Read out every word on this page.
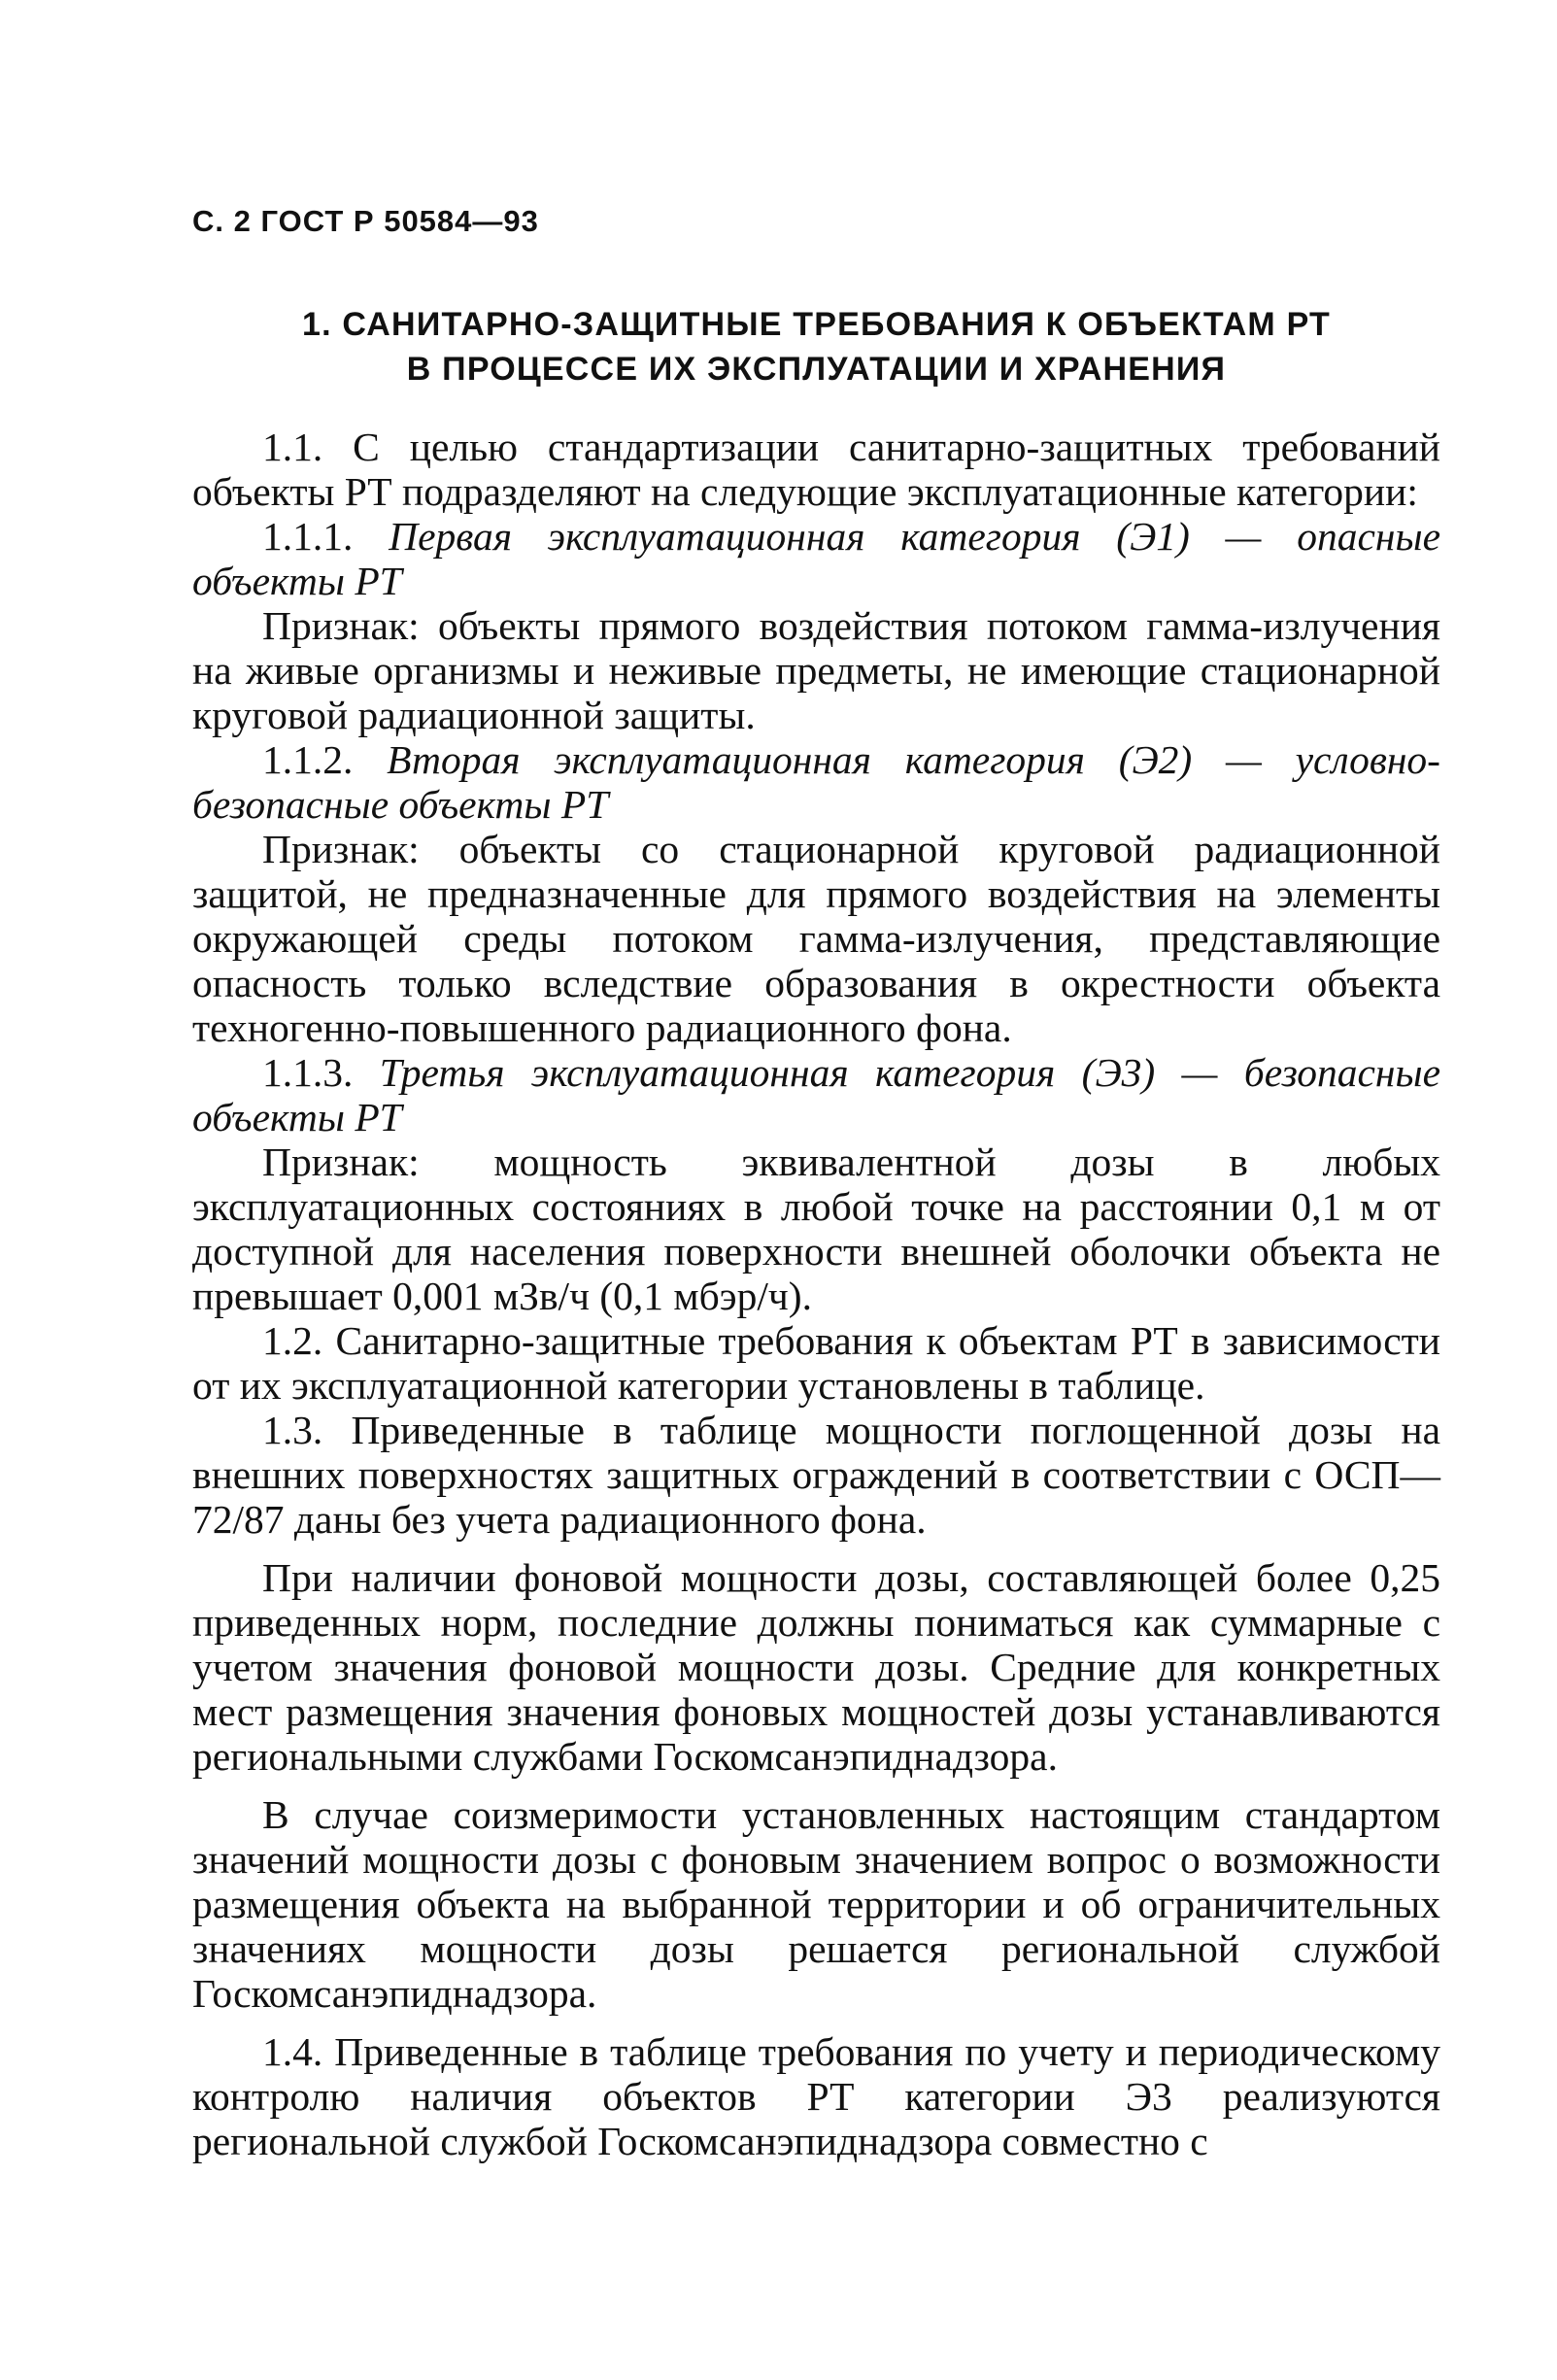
С. 2 ГОСТ Р 50584—93
1. САНИТАРНО-ЗАЩИТНЫЕ ТРЕБОВАНИЯ К ОБЪЕКТАМ РТ
В ПРОЦЕССЕ ИХ ЭКСПЛУАТАЦИИ И ХРАНЕНИЯ

1.1. С целью стандартизации санитарно-защитных требований объекты РТ подразделяют на следующие эксплуатационные категории:

1.1.1. Первая эксплуатационная категория (Э1) — опасные объекты РТ

Признак: объекты прямого воздействия потоком гамма-излучения на живые организмы и неживые предметы, не имеющие стационарной круговой радиационной защиты.

1.1.2. Вторая эксплуатационная категория (Э2) — условно-безопасные объекты РТ

Признак: объекты со стационарной круговой радиационной защитой, не предназначенные для прямого воздействия на элементы окружающей среды потоком гамма-излучения, представляющие опасность только вследствие образования в окрестности объекта техногенно-повышенного радиационного фона.

1.1.3. Третья эксплуатационная категория (Э3) — безопасные объекты РТ

Признак: мощность эквивалентной дозы в любых эксплуатационных состояниях в любой точке на расстоянии 0,1 м от доступной для населения поверхности внешней оболочки объекта не превышает 0,001 мЗв/ч (0,1 мбэр/ч).

1.2. Санитарно-защитные требования к объектам РТ в зависимости от их эксплуатационной категории установлены в таблице.

1.3. Приведенные в таблице мощности поглощенной дозы на внешних поверхностях защитных ограждений в соответствии с ОСП—72/87 даны без учета радиационного фона.

При наличии фоновой мощности дозы, составляющей более 0,25 приведенных норм, последние должны пониматься как суммарные с учетом значения фоновой мощности дозы. Средние для конкретных мест размещения значения фоновых мощностей дозы устанавливаются региональными службами Госкомсанэпиднадзора.

В случае соизмеримости установленных настоящим стандартом значений мощности дозы с фоновым значением вопрос о возможности размещения объекта на выбранной территории и об ограничительных значениях мощности дозы решается региональной службой Госкомсанэпиднадзора.

1.4. Приведенные в таблице требования по учету и периодическому контролю наличия объектов РТ категории Э3 реализуются региональной службой Госкомсанэпиднадзора совместно с
